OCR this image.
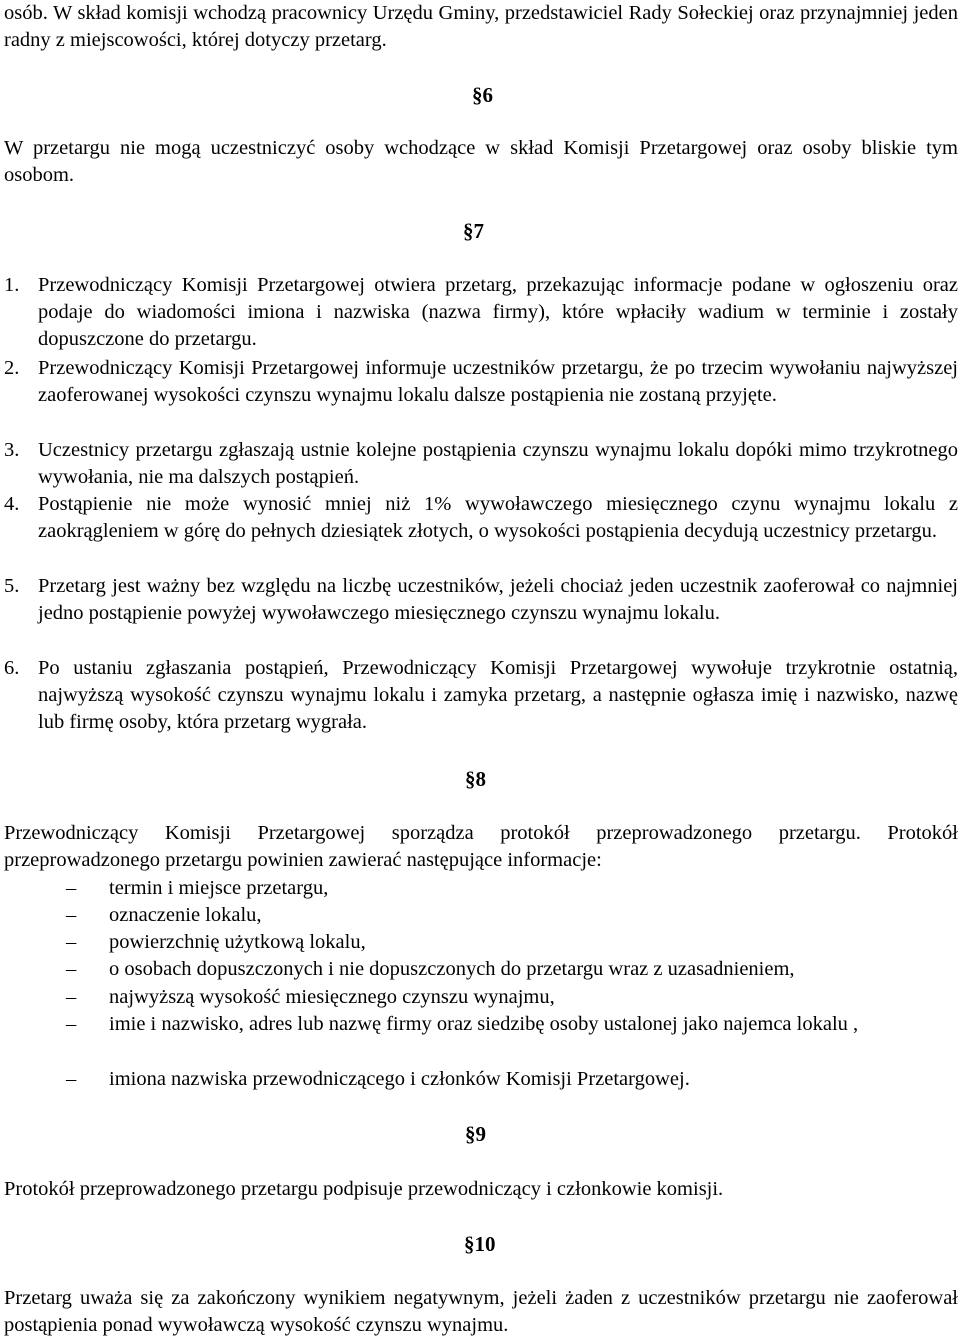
osób. W skład komisji wchodzą pracownicy Urzędu Gminy, przedstawiciel Rady Sołeckiej oraz przynajmniej jeden radny z miejscowości, której dotyczy przetarg.

§6

W przetargu nie mogą uczestniczyć osoby wchodzące w skład Komisji Przetargowej oraz osoby bliskie tym osobom.

§7

1. Przewodniczący Komisji Przetargowej otwiera przetarg, przekazując informacje podane w ogłoszeniu oraz podaje do wiadomości imiona i nazwiska (nazwa firmy), które wpłaciły wadium w terminie i zostały dopuszczone do przetargu.
2. Przewodniczący Komisji Przetargowej informuje uczestników przetargu, że po trzecim wywołaniu najwyższej zaoferowanej wysokości czynszu wynajmu lokalu dalsze postąpienia nie zostaną przyjęte.
3. Uczestnicy przetargu zgłaszają ustnie kolejne postąpienia czynszu wynajmu lokalu dopóki mimo trzykrotnego wywołania, nie ma dalszych postąpień.
4. Postąpienie nie może wynosić mniej niż 1% wywoławczego miesięcznego czynu wynajmu lokalu z zaokrągleniem w górę do pełnych dziesiątek złotych, o wysokości postąpienia decydują uczestnicy przetargu.
5. Przetarg jest ważny bez względu na liczbę uczestników, jeżeli chociaż jeden uczestnik zaoferował co najmniej jedno postąpienie powyżej wywoławczego miesięcznego czynszu wynajmu lokalu.
6. Po ustaniu zgłaszania postąpień, Przewodniczący Komisji Przetargowej wywołuje trzykrotnie ostatnią, najwyższą wysokość czynszu wynajmu lokalu i zamyka przetarg, a następnie ogłasza imię i nazwisko, nazwę lub firmę osoby, która przetarg wygrała.

§8

Przewodniczący Komisji Przetargowej sporządza protokół przeprowadzonego przetargu. Protokół przeprowadzonego przetargu powinien zawierać następujące informacje:

– termin i miejsce przetargu,
– oznaczenie lokalu,
– powierzchnię użytkową lokalu,
– o osobach dopuszczonych i nie dopuszczonych do przetargu wraz z uzasadnieniem,
– najwyższą wysokość miesięcznego czynszu wynajmu,
– imie i nazwisko, adres lub nazwę firmy oraz siedzibę osoby ustalonej jako najemca lokalu ,
– imiona nazwiska przewodniczącego i członków Komisji Przetargowej.

§9

Protokół przeprowadzonego przetargu podpisuje przewodniczący i członkowie komisji.

§10

Przetarg uważa się za zakończony wynikiem negatywnym, jeżeli żaden z uczestników przetargu nie zaoferował postąpienia ponad wywoławczą wysokość czynszu wynajmu.
